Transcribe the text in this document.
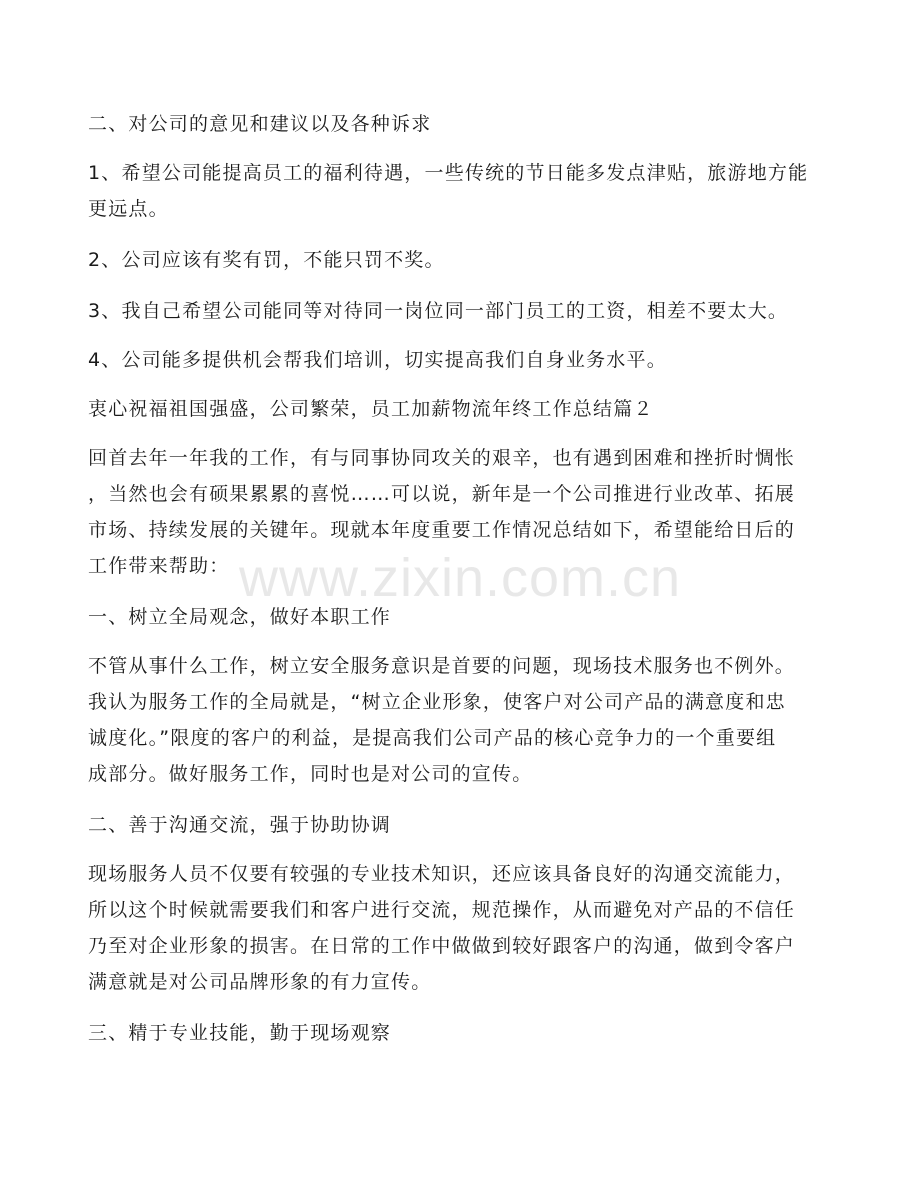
www.zixin.com.cn
二、对公司的意见和建议以及各种诉求
1、希望公司能提高员工的福利待遇，一些传统的节日能多发点津贴，旅游地方能
更远点。
2、公司应该有奖有罚，不能只罚不奖。
3、我自己希望公司能同等对待同一岗位同一部门员工的工资，相差不要太大。
4、公司能多提供机会帮我们培训，切实提高我们自身业务水平。
衷心祝福祖国强盛，公司繁荣，员工加薪物流年终工作总结篇２
回首去年一年我的工作，有与同事协同攻关的艰辛，也有遇到困难和挫折时惆怅
，当然也会有硕果累累的喜悦……可以说，新年是一个公司推进行业改革、拓展
市场、持续发展的关键年。现就本年度重要工作情况总结如下，希望能给日后的
工作带来帮助：
一、树立全局观念，做好本职工作
不管从事什么工作，树立安全服务意识是首要的问题，现场技术服务也不例外。
我认为服务工作的全局就是，“树立企业形象，使客户对公司产品的满意度和忠
诚度化。”限度的客户的利益，是提高我们公司产品的核心竞争力的一个重要组
成部分。做好服务工作，同时也是对公司的宣传。
二、善于沟通交流，强于协助协调
现场服务人员不仅要有较强的专业技术知识，还应该具备良好的沟通交流能力，
所以这个时候就需要我们和客户进行交流，规范操作，从而避免对产品的不信任
乃至对企业形象的损害。在日常的工作中做做到较好跟客户的沟通，做到令客户
满意就是对公司品牌形象的有力宣传。
三、精于专业技能，勤于现场观察
